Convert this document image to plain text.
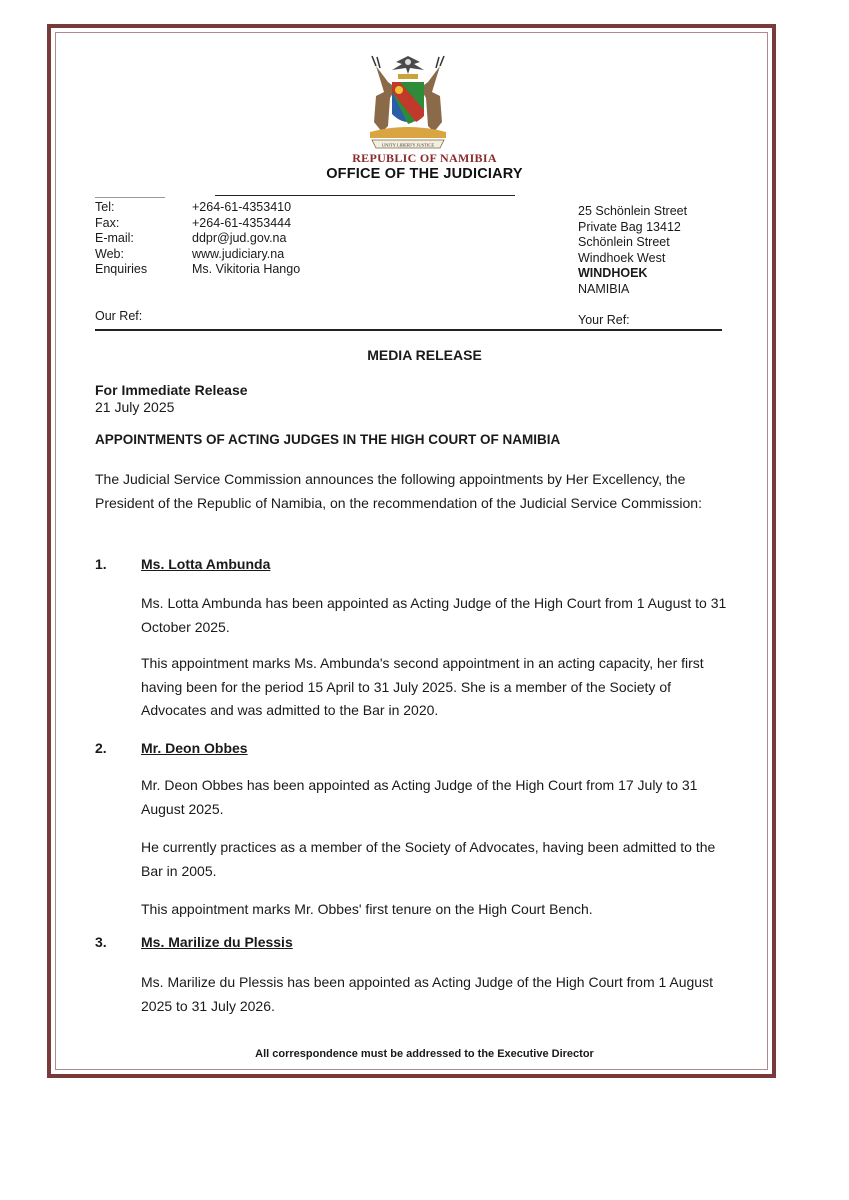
UNITY LIBERTY JUSTICE
REPUBLIC OF NAMIBIA
OFFICE OF THE JUDICIARY
Tel:
Fax:
E-mail:
Web:
Enquiries
+264-61-4353410
+264-61-4353444
ddpr@jud.gov.na
www.judiciary.na
Ms. Vikitoria Hango
25 Schönlein Street
Private Bag 13412
Schönlein Street
Windhoek West
WINDHOEK
NAMIBIA
Our Ref:	Your Ref:
MEDIA RELEASE
For Immediate Release
21 July 2025
APPOINTMENTS OF ACTING JUDGES IN THE HIGH COURT OF NAMIBIA
The Judicial Service Commission announces the following appointments by Her Excellency, the President of the Republic of Namibia, on the recommendation of the Judicial Service Commission:
1. Ms. Lotta Ambunda
Ms. Lotta Ambunda has been appointed as Acting Judge of the High Court from 1 August to 31 October 2025.
This appointment marks Ms. Ambunda's second appointment in an acting capacity, her first having been for the period 15 April to 31 July 2025. She is a member of the Society of Advocates and was admitted to the Bar in 2020.
2. Mr. Deon Obbes
Mr. Deon Obbes has been appointed as Acting Judge of the High Court from 17 July to 31 August 2025.
He currently practices as a member of the Society of Advocates, having been admitted to the Bar in 2005.
This appointment marks Mr. Obbes' first tenure on the High Court Bench.
3. Ms. Marilize du Plessis
Ms. Marilize du Plessis has been appointed as Acting Judge of the High Court from 1 August 2025 to 31 July 2026.
All correspondence must be addressed to the Executive Director
